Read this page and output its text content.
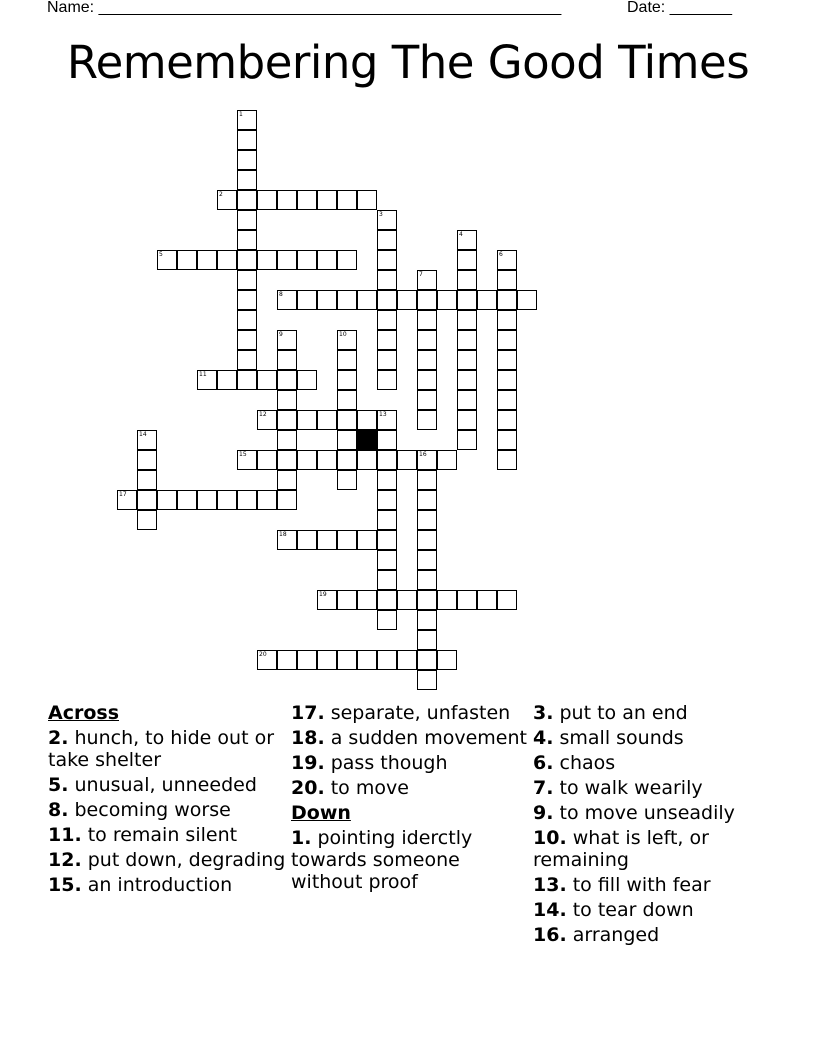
Name: ____________________________________________________	Date: _______
Remembering The Good Times
1
2
3
4
5	6
7
8
9	10
11
12	13
14
15	16
17
18
19
20
Across
2. hunch, to hide out or take shelter
5. unusual, unneeded
8. becoming worse
11. to remain silent
12. put down, degrading
15. an introduction
17. separate, unfasten
18. a sudden movement
19. pass though
20. to move
Down
1. pointing iderctly towards someone without proof
3. put to an end
4. small sounds
6. chaos
7. to walk wearily
9. to move unseadily
10. what is left, or remaining
13. to fill with fear
14. to tear down
16. arranged
